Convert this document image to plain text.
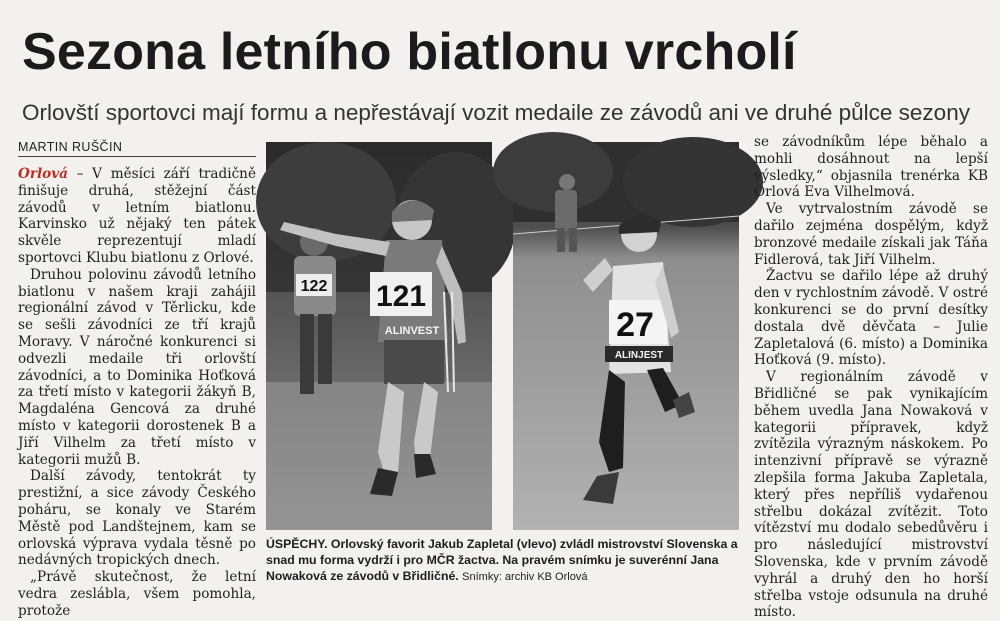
Sezona letního biatlonu vrcholí
Orlovští sportovci mají formu a nepřestávají vozit medaile ze závodů ani ve druhé půlce sezony
MARTIN RUŠČIN

Orlová – V měsíci září tradičně finišuje druhá, stěžejní část závodů v letním biatlonu. Karvinsko už nějaký ten pátek skvěle reprezentují mladí sportovci Klubu biatlonu z Orlové.

Druhou polovinu závodů letního biatlonu v našem kraji zahájil regionální závod v Těrlicku, kde se sešli závodníci ze tří krajů Moravy. V náročné konkurenci si odvezli medaile tři orlovští závodníci, a to Dominika Hoťková za třetí místo v kategorii žákyň B, Magdaléna Gencová za druhé místo v kategorii dorostenek B a Jiří Vilhelm za třetí místo v kategorii mužů B.

Další závody, tentokrát ty prestižní, a sice závody Českého poháru, se konaly ve Starém Městě pod Landštejnem, kam se orlovská výprava vydala těsně po nedávných tropických dnech.

„Právě skutečnost, že letní vedra zeslábla, všem pomohla, protože

122 121
ALINVEST	27
ALINJEST
ÚSPĚCHY. Orlovský favorit Jakub Zapletal (vlevo) zvládl mistrovství Slovenska a snad mu forma vydrží i pro MČR žactva. Na pravém snímku je suverénní Jana Nowaková ze závodů v Břidličné. Snímky: archiv KB Orlová

se závodníkům lépe běhalo a mohli dosáhnout na lepší výsledky,“ objasnila trenérka KB Orlová Eva Vilhelmová.

Ve vytrvalostním závodě se dařilo zejména dospělým, když bronzové medaile získali jak Táňa Fidlerová, tak Jiří Vilhelm.

Žactvu se dařilo lépe až druhý den v rychlostním závodě. V ostré konkurenci se do první desítky dostala dvě děvčata – Julie Zapletalová (6. místo) a Dominika Hoťková (9. místo).

V regionálním závodě v Břidličné se pak vynikajícím během uvedla Jana Nowaková v kategorii přípravek, když zvítězila výrazným náskokem. Po intenzivní přípravě se výrazně zlepšila forma Jakuba Zapletala, který přes nepříliš vydařenou střelbu dokázal zvítězit. Toto vítězství mu dodalo sebedůvěru i pro následující mistrovství Slovenska, kde v prvním závodě vyhrál a druhý den ho horší střelba vstoje odsunula na druhé místo.
